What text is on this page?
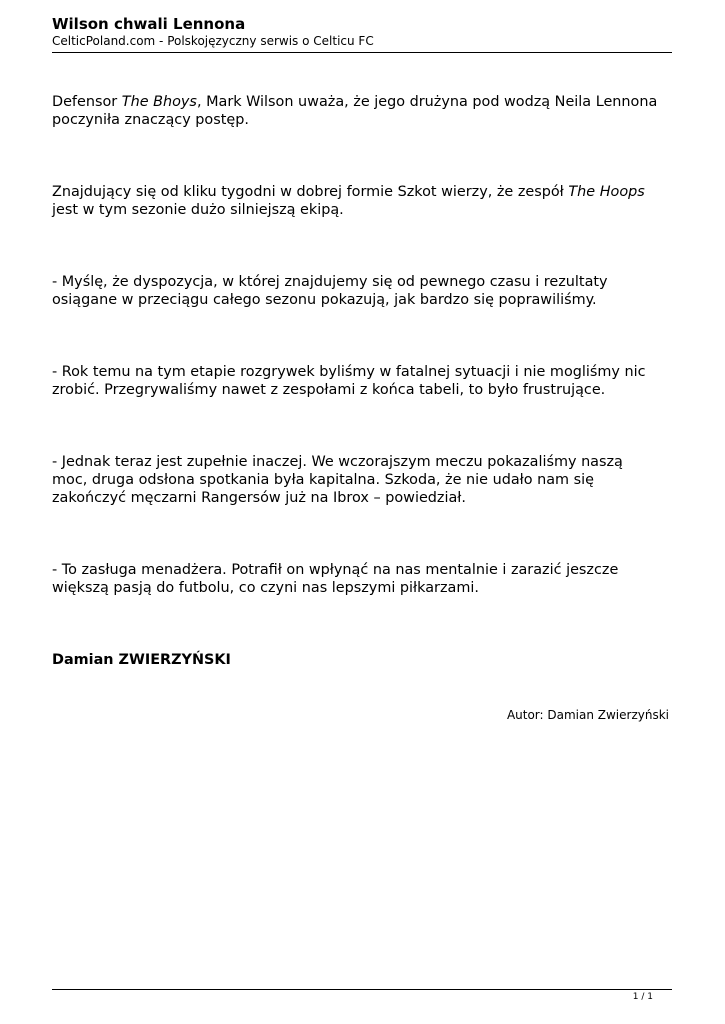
Wilson chwali Lennona
CelticPoland.com - Polskojęzyczny serwis o Celticu FC

Defensor The Bhoys, Mark Wilson uważa, że jego drużyna pod wodzą Neila Lennona
poczyniła znaczący postęp.

Znajdujący się od kliku tygodni w dobrej formie Szkot wierzy, że zespół The Hoops
jest w tym sezonie dużo silniejszą ekipą.

- Myślę, że dyspozycja, w której znajdujemy się od pewnego czasu i rezultaty
osiągane w przeciągu całego sezonu pokazują, jak bardzo się poprawiliśmy.

- Rok temu na tym etapie rozgrywek byliśmy w fatalnej sytuacji i nie mogliśmy nic
zrobić. Przegrywaliśmy nawet z zespołami z końca tabeli, to było frustrujące.

- Jednak teraz jest zupełnie inaczej. We wczorajszym meczu pokazaliśmy naszą
moc, druga odsłona spotkania była kapitalna. Szkoda, że nie udało nam się
zakończyć męczarni Rangersów już na Ibrox – powiedział.

- To zasługa menadżera. Potrafił on wpłynąć na nas mentalnie i zarazić jeszcze
większą pasją do futbolu, co czyni nas lepszymi piłkarzami.

Damian ZWIERZYŃSKI

Autor: Damian Zwierzyński
1 / 1
